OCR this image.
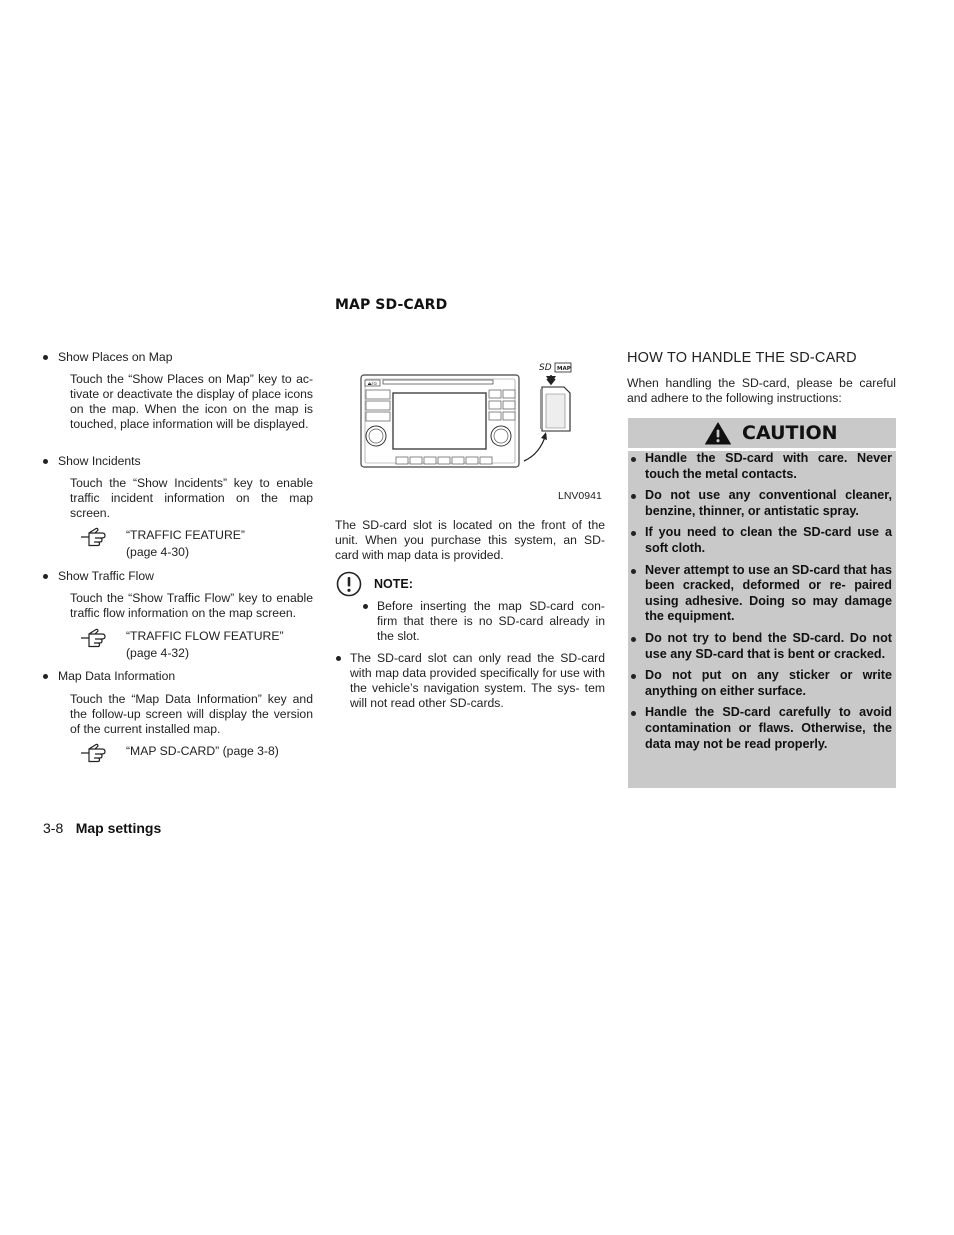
MAP SD-CARD
Show Places on Map
Touch the “Show Places on Map” key to ac- tivate or deactivate the display of place icons on the map. When the icon on the map is touched, place information will be displayed.
Show Incidents
Touch the “Show Incidents” key to enable traffic incident information on the map screen.
“TRAFFIC FEATURE”
(page 4-30)
Show Traffic Flow
Touch the “Show Traffic Flow” key to enable traffic flow information on the map screen.
“TRAFFIC FLOW FEATURE”
(page 4-32)
Map Data Information
Touch the “Map Data Information” key and the follow-up screen will display the version of the current installed map.
“MAP SD-CARD” (page 3-8)
⏏/⊙
SD MAP
LNV0941
The SD-card slot is located on the front of the unit. When you purchase this system, an SD- card with map data is provided.
NOTE:
Before inserting the map SD-card con- firm that there is no SD-card already in the slot.
The SD-card slot can only read the SD-card with map data provided specifically for use with the vehicle’s navigation system. The sys- tem will not read other SD-cards.
HOW TO HANDLE THE SD-CARD
When handling the SD-card, please be careful and adhere to the following instructions:
CAUTION
Handle the SD-card with care. Never touch the metal contacts.
Do not use any conventional cleaner, benzine, thinner, or antistatic spray.
If you need to clean the SD-card use a soft cloth.
Never attempt to use an SD-card that has been cracked, deformed or re- paired using adhesive. Doing so may damage the equipment.
Do not try to bend the SD-card. Do not use any SD-card that is bent or cracked.
Do not put on any sticker or write anything on either surface.
Handle the SD-card carefully to avoid contamination or flaws. Otherwise, the data may not be read properly.
3-8 Map settings
